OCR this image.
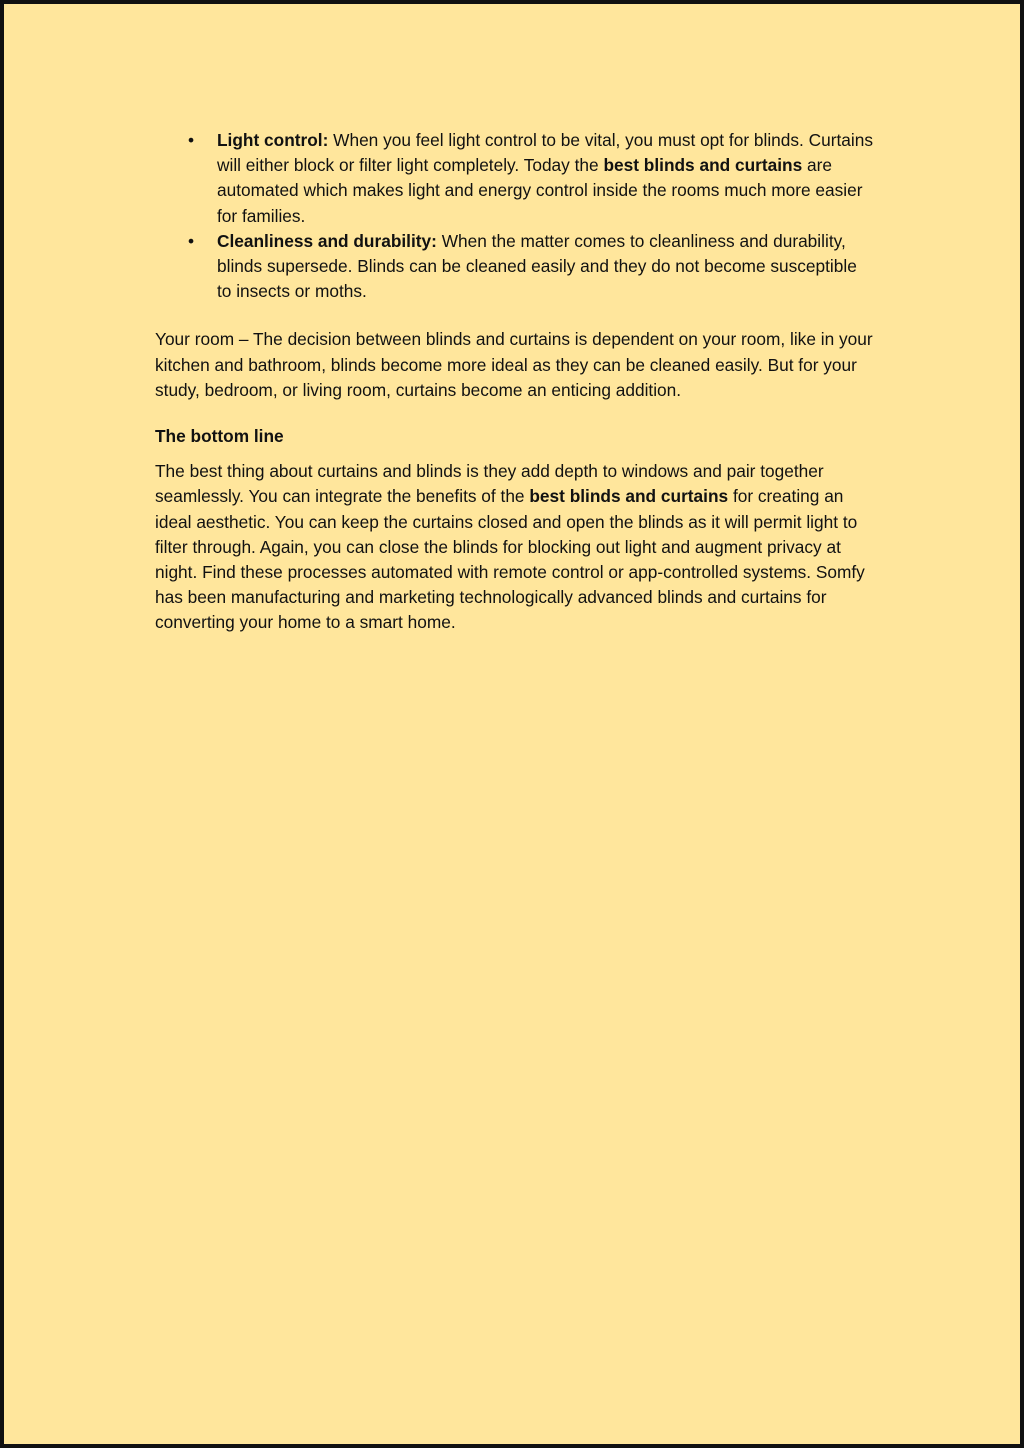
• Light control: When you feel light control to be vital, you must opt for blinds. Curtains will either block or filter light completely. Today the best blinds and curtains are automated which makes light and energy control inside the rooms much more easier for families.
• Cleanliness and durability: When the matter comes to cleanliness and durability, blinds supersede. Blinds can be cleaned easily and they do not become susceptible to insects or moths.

Your room – The decision between blinds and curtains is dependent on your room, like in your kitchen and bathroom, blinds become more ideal as they can be cleaned easily. But for your study, bedroom, or living room, curtains become an enticing addition.

The bottom line

The best thing about curtains and blinds is they add depth to windows and pair together seamlessly. You can integrate the benefits of the best blinds and curtains for creating an ideal aesthetic. You can keep the curtains closed and open the blinds as it will permit light to filter through. Again, you can close the blinds for blocking out light and augment privacy at night. Find these processes automated with remote control or app-controlled systems. Somfy has been manufacturing and marketing technologically advanced blinds and curtains for converting your home to a smart home.
